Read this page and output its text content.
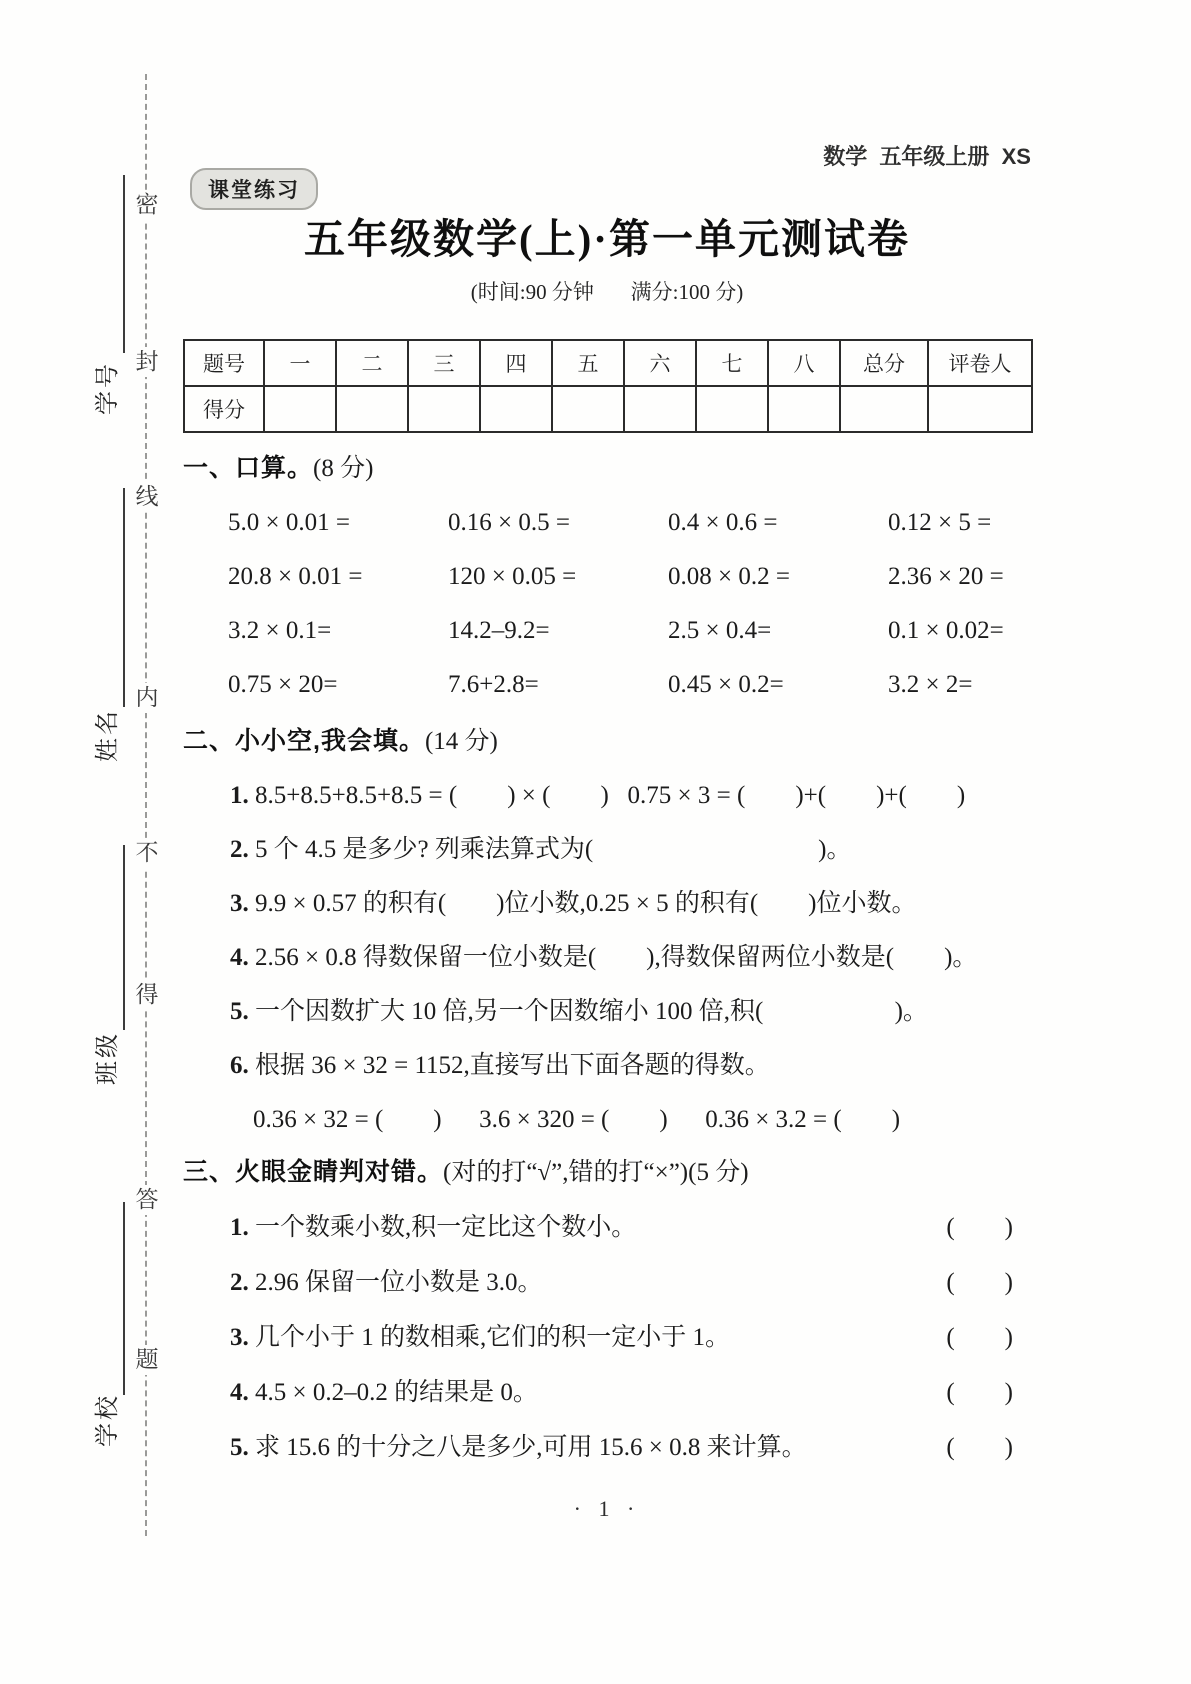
密
封
线
内
不
得
答
题
学号
姓名
班级
学校
数学  五年级上册  XS
课堂练习
五年级数学(上)·第一单元测试卷
(时间:90 分钟       满分:100 分)
题号	一	二	三	四	五	六	七	八	总分	评卷人
得分										
一、口算。(8 分)
5.0 × 0.01 =	0.16 × 0.5 =	0.4 × 0.6 =	0.12 × 5 =
20.8 × 0.01 =	120 × 0.05 =	0.08 × 0.2 =	2.36 × 20 =
3.2 × 0.1=	14.2–9.2=	2.5 × 0.4=	0.1 × 0.02=
0.75 × 20=	7.6+2.8=	0.45 × 0.2=	3.2 × 2=
二、小小空,我会填。(14 分)
1. 8.5+8.5+8.5+8.5 = (        ) × (        )   0.75 × 3 = (        )+(        )+(        )
2. 5 个 4.5 是多少? 列乘法算式为(                                    )。
3. 9.9 × 0.57 的积有(        )位小数,0.25 × 5 的积有(        )位小数。
4. 2.56 × 0.8 得数保留一位小数是(        ),得数保留两位小数是(        )。
5. 一个因数扩大 10 倍,另一个因数缩小 100 倍,积(                     )。
6. 根据 36 × 32 = 1152,直接写出下面各题的得数。
0.36 × 32 = (        )      3.6 × 320 = (        )      0.36 × 3.2 = (        )
三、火眼金睛判对错。(对的打“√”,错的打“×”)(5 分)
1. 一个数乘小数,积一定比这个数小。	(        )
2. 2.96 保留一位小数是 3.0。	(        )
3. 几个小于 1 的数相乘,它们的积一定小于 1。	(        )
4. 4.5 × 0.2–0.2 的结果是 0。	(        )
5. 求 15.6 的十分之八是多少,可用 15.6 × 0.8 来计算。	(        )
· 1 ·
